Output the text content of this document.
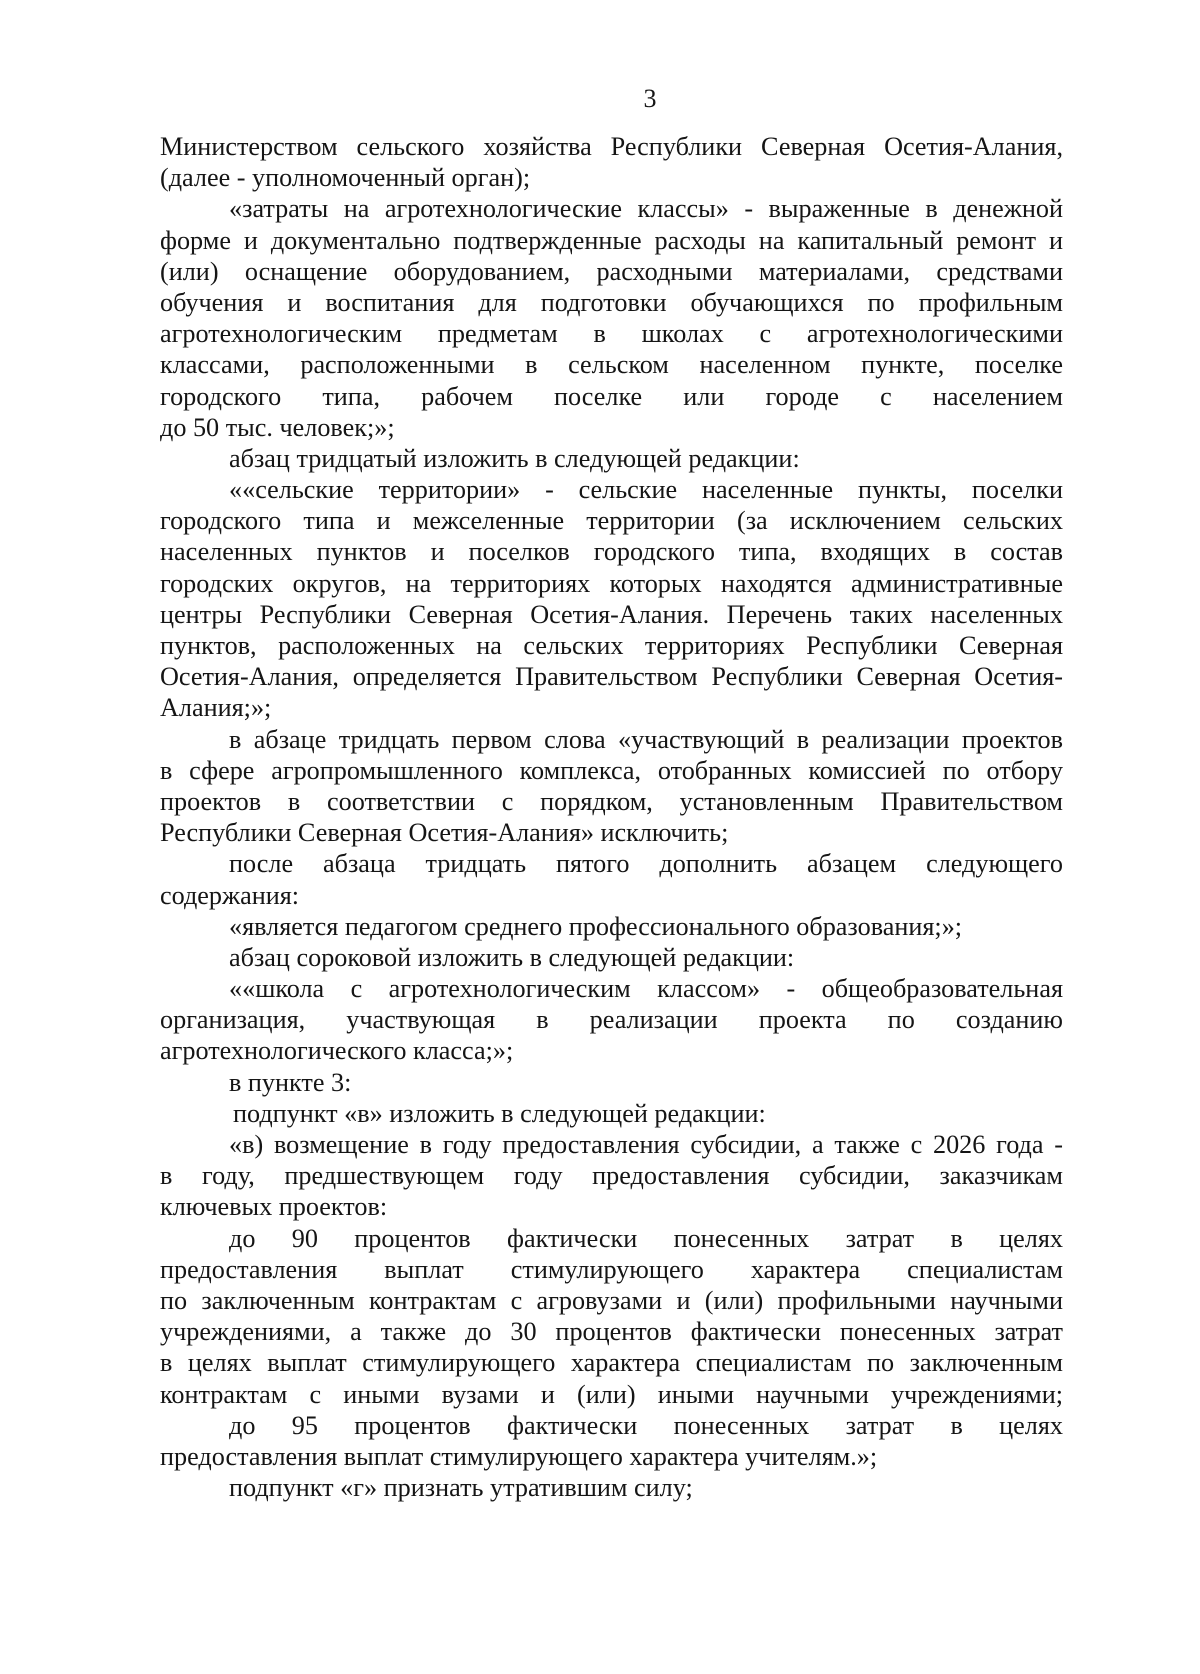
3
Министерством сельского хозяйства Республики Северная Осетия-Алания,
(далее - уполномоченный орган);
«затраты на агротехнологические классы» - выраженные в денежной
форме и документально подтвержденные расходы на капитальный ремонт и
(или) оснащение оборудованием, расходными материалами, средствами
обучения и воспитания для подготовки обучающихся по профильным
агротехнологическим предметам в школах с агротехнологическими
классами, расположенными в сельском населенном пункте, поселке
городского типа, рабочем поселке или городе с населением
до 50 тыс. человек;»;
абзац тридцатый изложить в следующей редакции:
««сельские территории» - сельские населенные пункты, поселки
городского типа и межселенные территории (за исключением сельских
населенных пунктов и поселков городского типа, входящих в состав
городских округов, на территориях которых находятся административные
центры Республики Северная Осетия-Алания. Перечень таких населенных
пунктов, расположенных на сельских территориях Республики Северная
Осетия-Алания, определяется Правительством Республики Северная Осетия-
Алания;»;
в абзаце тридцать первом слова «участвующий в реализации проектов
в сфере агропромышленного комплекса, отобранных комиссией по отбору
проектов в соответствии с порядком, установленным Правительством
Республики Северная Осетия-Алания» исключить;
после абзаца тридцать пятого дополнить абзацем следующего
содержания:
«является педагогом среднего профессионального образования;»;
абзац сороковой изложить в следующей редакции:
««школа с агротехнологическим классом» - общеобразовательная
организация, участвующая в реализации проекта по созданию
агротехнологического класса;»;
в пункте 3:
подпункт «в» изложить в следующей редакции:
«в) возмещение в году предоставления субсидии, а также с 2026 года -
в году, предшествующем году предоставления субсидии, заказчикам
ключевых проектов:
до 90 процентов фактически понесенных затрат в целях
предоставления выплат стимулирующего характера специалистам
по заключенным контрактам с агровузами и (или) профильными научными
учреждениями, а также до 30 процентов фактически понесенных затрат
в целях выплат стимулирующего характера специалистам по заключенным
контрактам с иными вузами и (или) иными научными учреждениями;
до 95 процентов фактически понесенных затрат в целях
предоставления выплат стимулирующего характера учителям.»;
подпункт «г» признать утратившим силу;
